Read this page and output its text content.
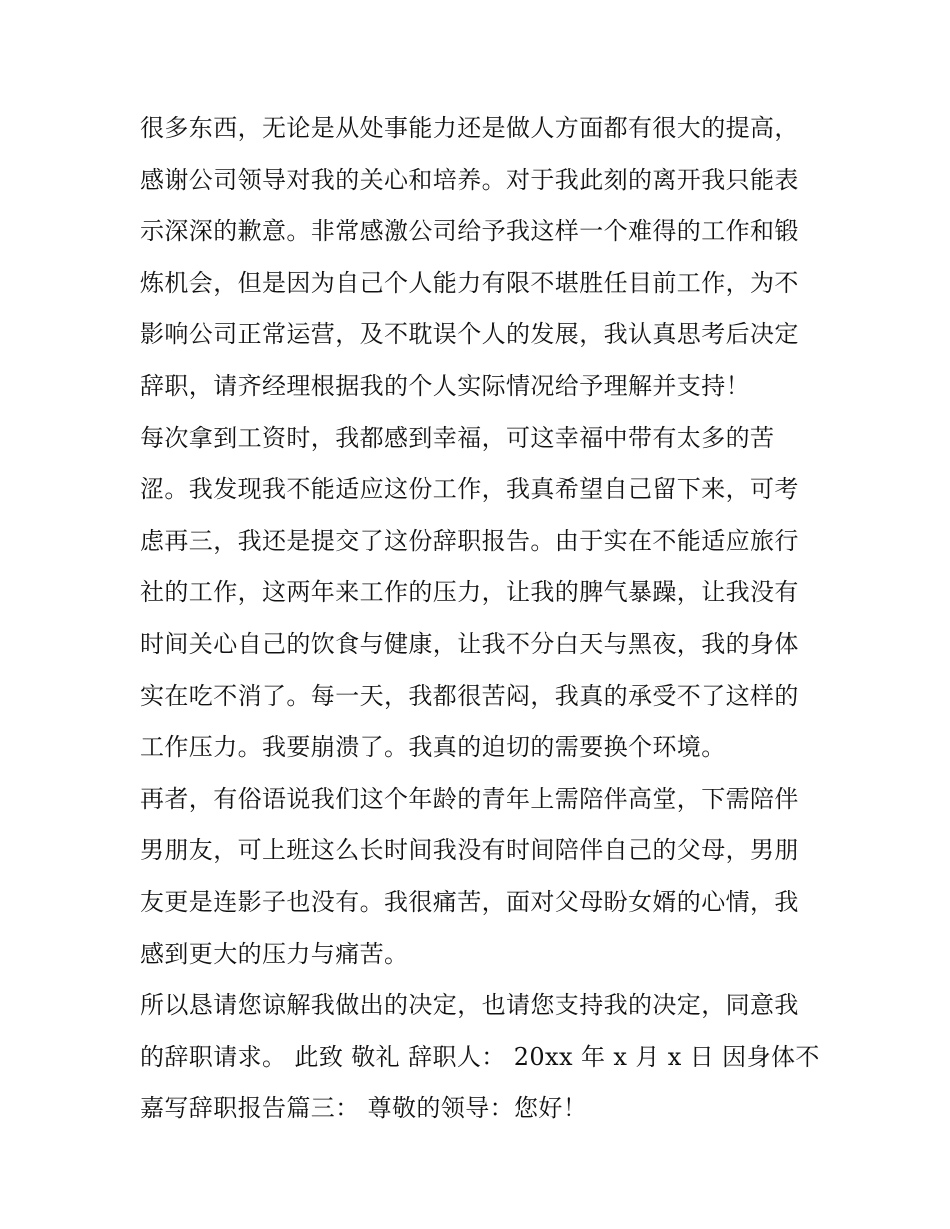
很多东西，无论是从处事能力还是做人方面都有很大的提高，
感谢公司领导对我的关心和培养。对于我此刻的离开我只能表
示深深的歉意。非常感激公司给予我这样一个难得的工作和锻
炼机会，但是因为自己个人能力有限不堪胜任目前工作，为不
影响公司正常运营，及不耽误个人的发展，我认真思考后决定
辞职，请齐经理根据我的个人实际情况给予理解并支持！
每次拿到工资时，我都感到幸福，可这幸福中带有太多的苦
涩。我发现我不能适应这份工作，我真希望自己留下来，可考
虑再三，我还是提交了这份辞职报告。由于实在不能适应旅行
社的工作，这两年来工作的压力，让我的脾气暴躁，让我没有
时间关心自己的饮食与健康，让我不分白天与黑夜，我的身体
实在吃不消了。每一天，我都很苦闷，我真的承受不了这样的
工作压力。我要崩溃了。我真的迫切的需要换个环境。
再者，有俗语说我们这个年龄的青年上需陪伴高堂，下需陪伴
男朋友，可上班这么长时间我没有时间陪伴自己的父母，男朋
友更是连影子也没有。我很痛苦，面对父母盼女婿的心情，我
感到更大的压力与痛苦。
所以恳请您谅解我做出的决定，也请您支持我的决定，同意我
的辞职请求。 此致 敬礼 辞职人： 20xx 年 x 月 x 日 因身体不
嘉写辞职报告篇三： 尊敬的领导：您好！
